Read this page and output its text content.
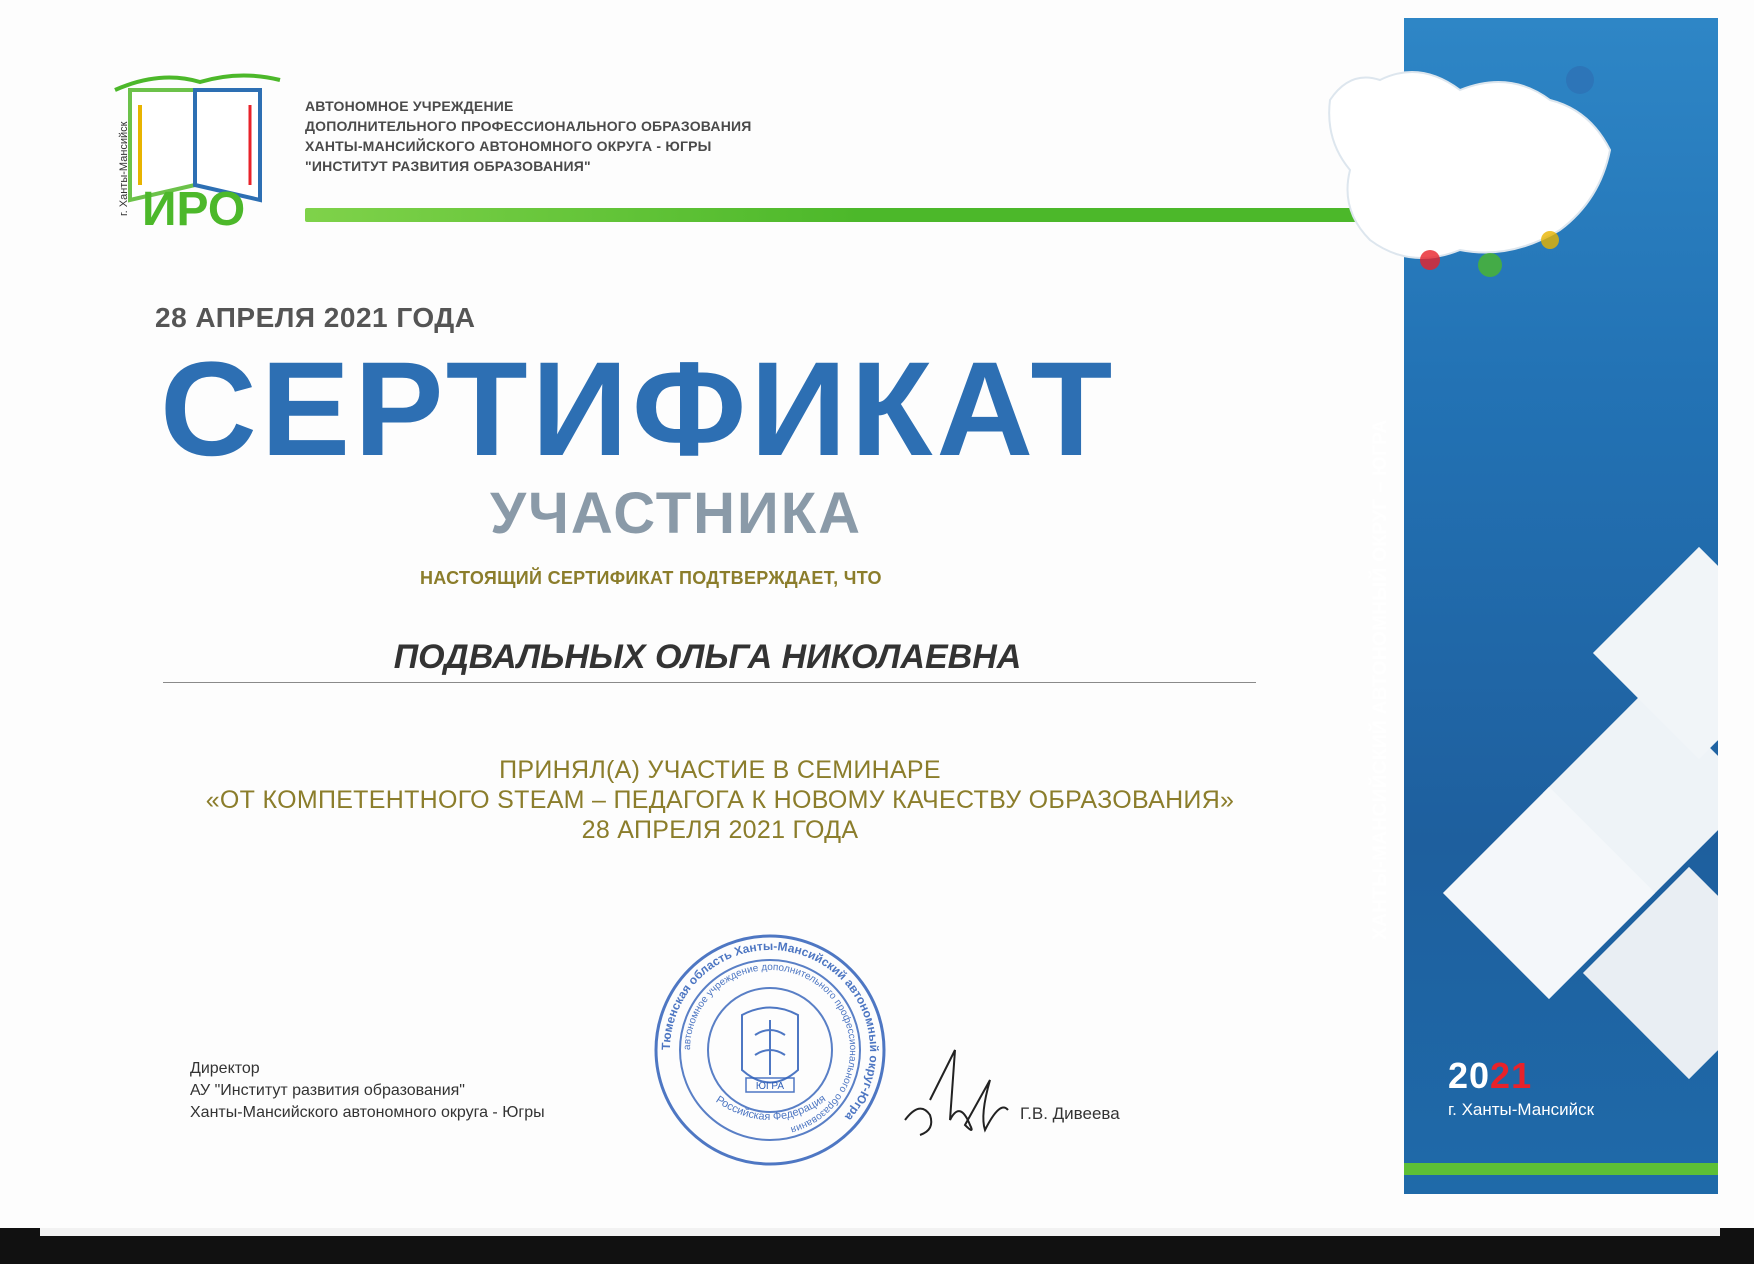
г. Ханты-Мансийск ИРО
АВТОНОМНОЕ УЧРЕЖДЕНИЕ
ДОПОЛНИТЕЛЬНОГО ПРОФЕССИОНАЛЬНОГО ОБРАЗОВАНИЯ
ХАНТЫ-МАНСИЙСКОГО АВТОНОМНОГО ОКРУГА - ЮГРЫ
"ИНСТИТУТ РАЗВИТИЯ ОБРАЗОВАНИЯ"
28 АПРЕЛЯ 2021 ГОДА
СЕРТИФИКАТ
УЧАСТНИКА
НАСТОЯЩИЙ СЕРТИФИКАТ ПОДТВЕРЖДАЕТ, ЧТО
ПОДВАЛЬНЫХ ОЛЬГА НИКОЛАЕВНА
ПРИНЯЛ(А) УЧАСТИЕ В СЕМИНАРЕ
«ОТ КОМПЕТЕНТНОГО STEAM – ПЕДАГОГА К НОВОМУ КАЧЕСТВУ ОБРАЗОВАНИЯ»
28 АПРЕЛЯ 2021 ГОДА
Директор
АУ "Институт развития образования"
Ханты-Мансийского автономного округа - Югры	Г.В. Дивеева
Тюменская область Ханты-Мансийский автономный округ-Югра
автономное учреждение дополнительного профессионального образования
Российская Федерация
ЮГРА
ХАНТЫ-МАНСИЙСКИЙ АВТОНОМНЫЙ ОКРУГ – ЮГРА
2021
г. Ханты-Мансийск
